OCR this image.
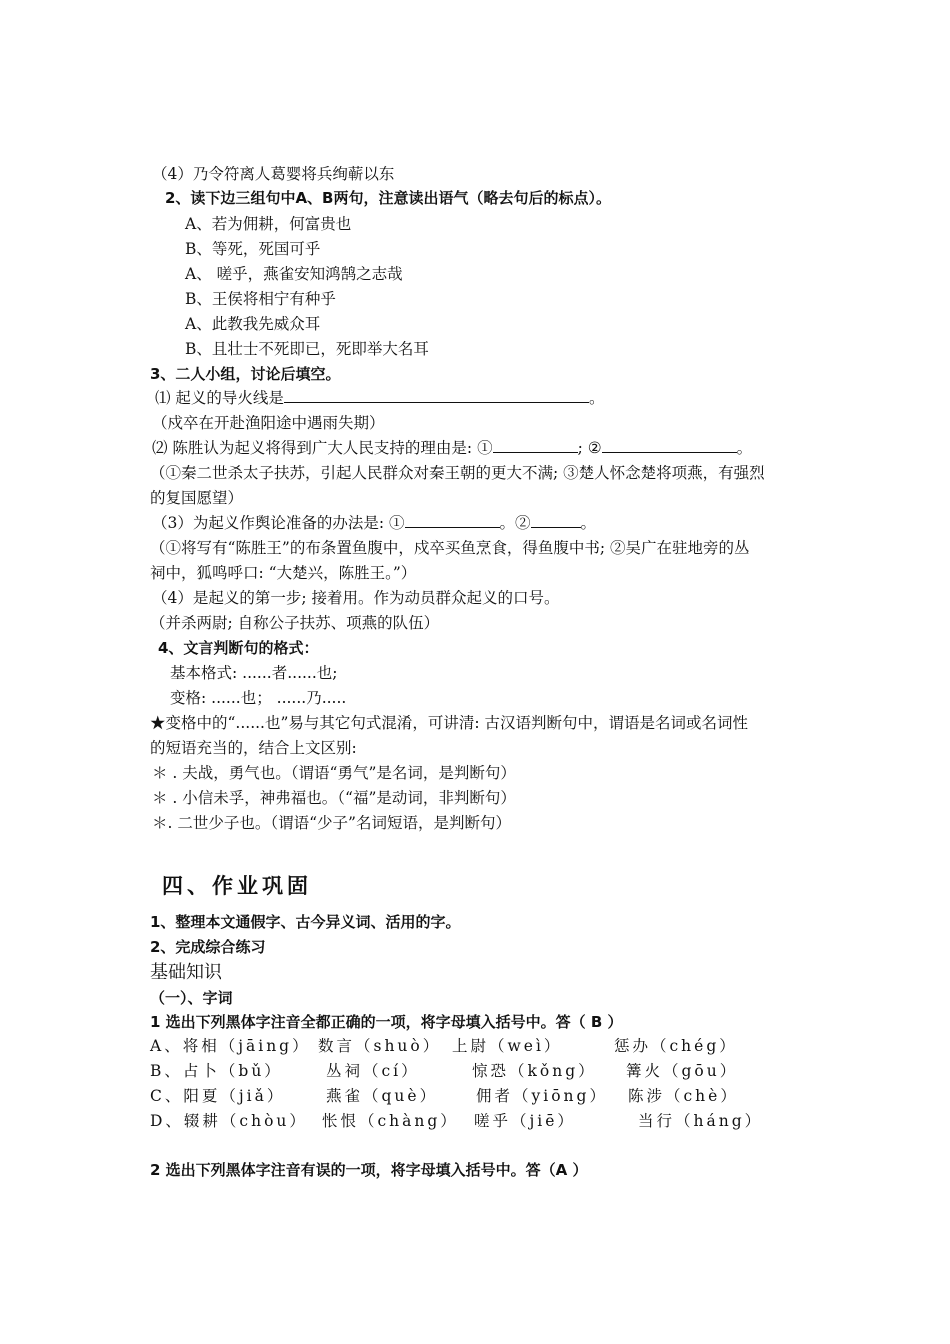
（4）乃令符离人葛婴将兵绚蕲以东
2、读下边三组句中A、B两句，注意读出语气（略去句后的标点）。
A、若为佣耕，何富贵也
B、等死，死国可乎
A、 嗟乎，燕雀安知鸿鹄之志哉
B、王侯将相宁有种乎
A、此教我先威众耳
B、且壮士不死即已，死即举大名耳
3、二人小组，讨论后填空。
⑴ 起义的导火线是	。
（戍卒在开赴渔阳途中遇雨失期）
⑵ 陈胜认为起义将得到广大人民支持的理由是: ①	; ②	。
（①秦二世杀太子扶苏，引起人民群众对秦王朝的更大不满; ③楚人怀念楚将项燕，有强烈
的复国愿望）
（3）为起义作舆论准备的办法是: ①	。②	。
（①将写有“陈胜王”的布条置鱼腹中，戍卒买鱼烹食，得鱼腹中书; ②吴广在驻地旁的丛
祠中，狐鸣呼口: “大楚兴，陈胜王。”）
（4）是起义的第一步; 接着用。作为动员群众起义的口号。
（并杀两尉; 自称公子扶苏、项燕的队伍）
4、文言判断句的格式：
基本格式: ......者......也;
变格: ......也； ......乃.....
★变格中的“......也”易与其它句式混淆，可讲清: 古汉语判断句中，谓语是名词或名词性
的短语充当的，结合上文区别:
＊ . 夫战，勇气也。（谓语“勇气”是名词，是判断句）
＊ . 小信未孚，神弗福也。（“福”是动词，非判断句）
＊. 二世少子也。（谓语“少子”名词短语，是判断句）
四、作业巩固
1、整理本文通假字、古今异义词、活用的字。
2、完成综合练习
基础知识
（一）、字词
1 选出下列黑体字注音全都正确的一项，将字母填入括号中。答（ B ）
A、将相（jāing） 数言（shuò） 上尉（weì）	惩办（chég）
B、占卜（bǔ）	丛祠（cí）	惊恐（kǒng） 篝火（gōu）
C、阳夏（jiǎ）	燕雀（què） 佣者（yiōng） 陈涉（chè）
D、辍耕（chòu） 怅恨（chàng） 嗟乎（jiē）	当行（háng）
2 选出下列黑体字注音有误的一项，将字母填入括号中。答（A ）
